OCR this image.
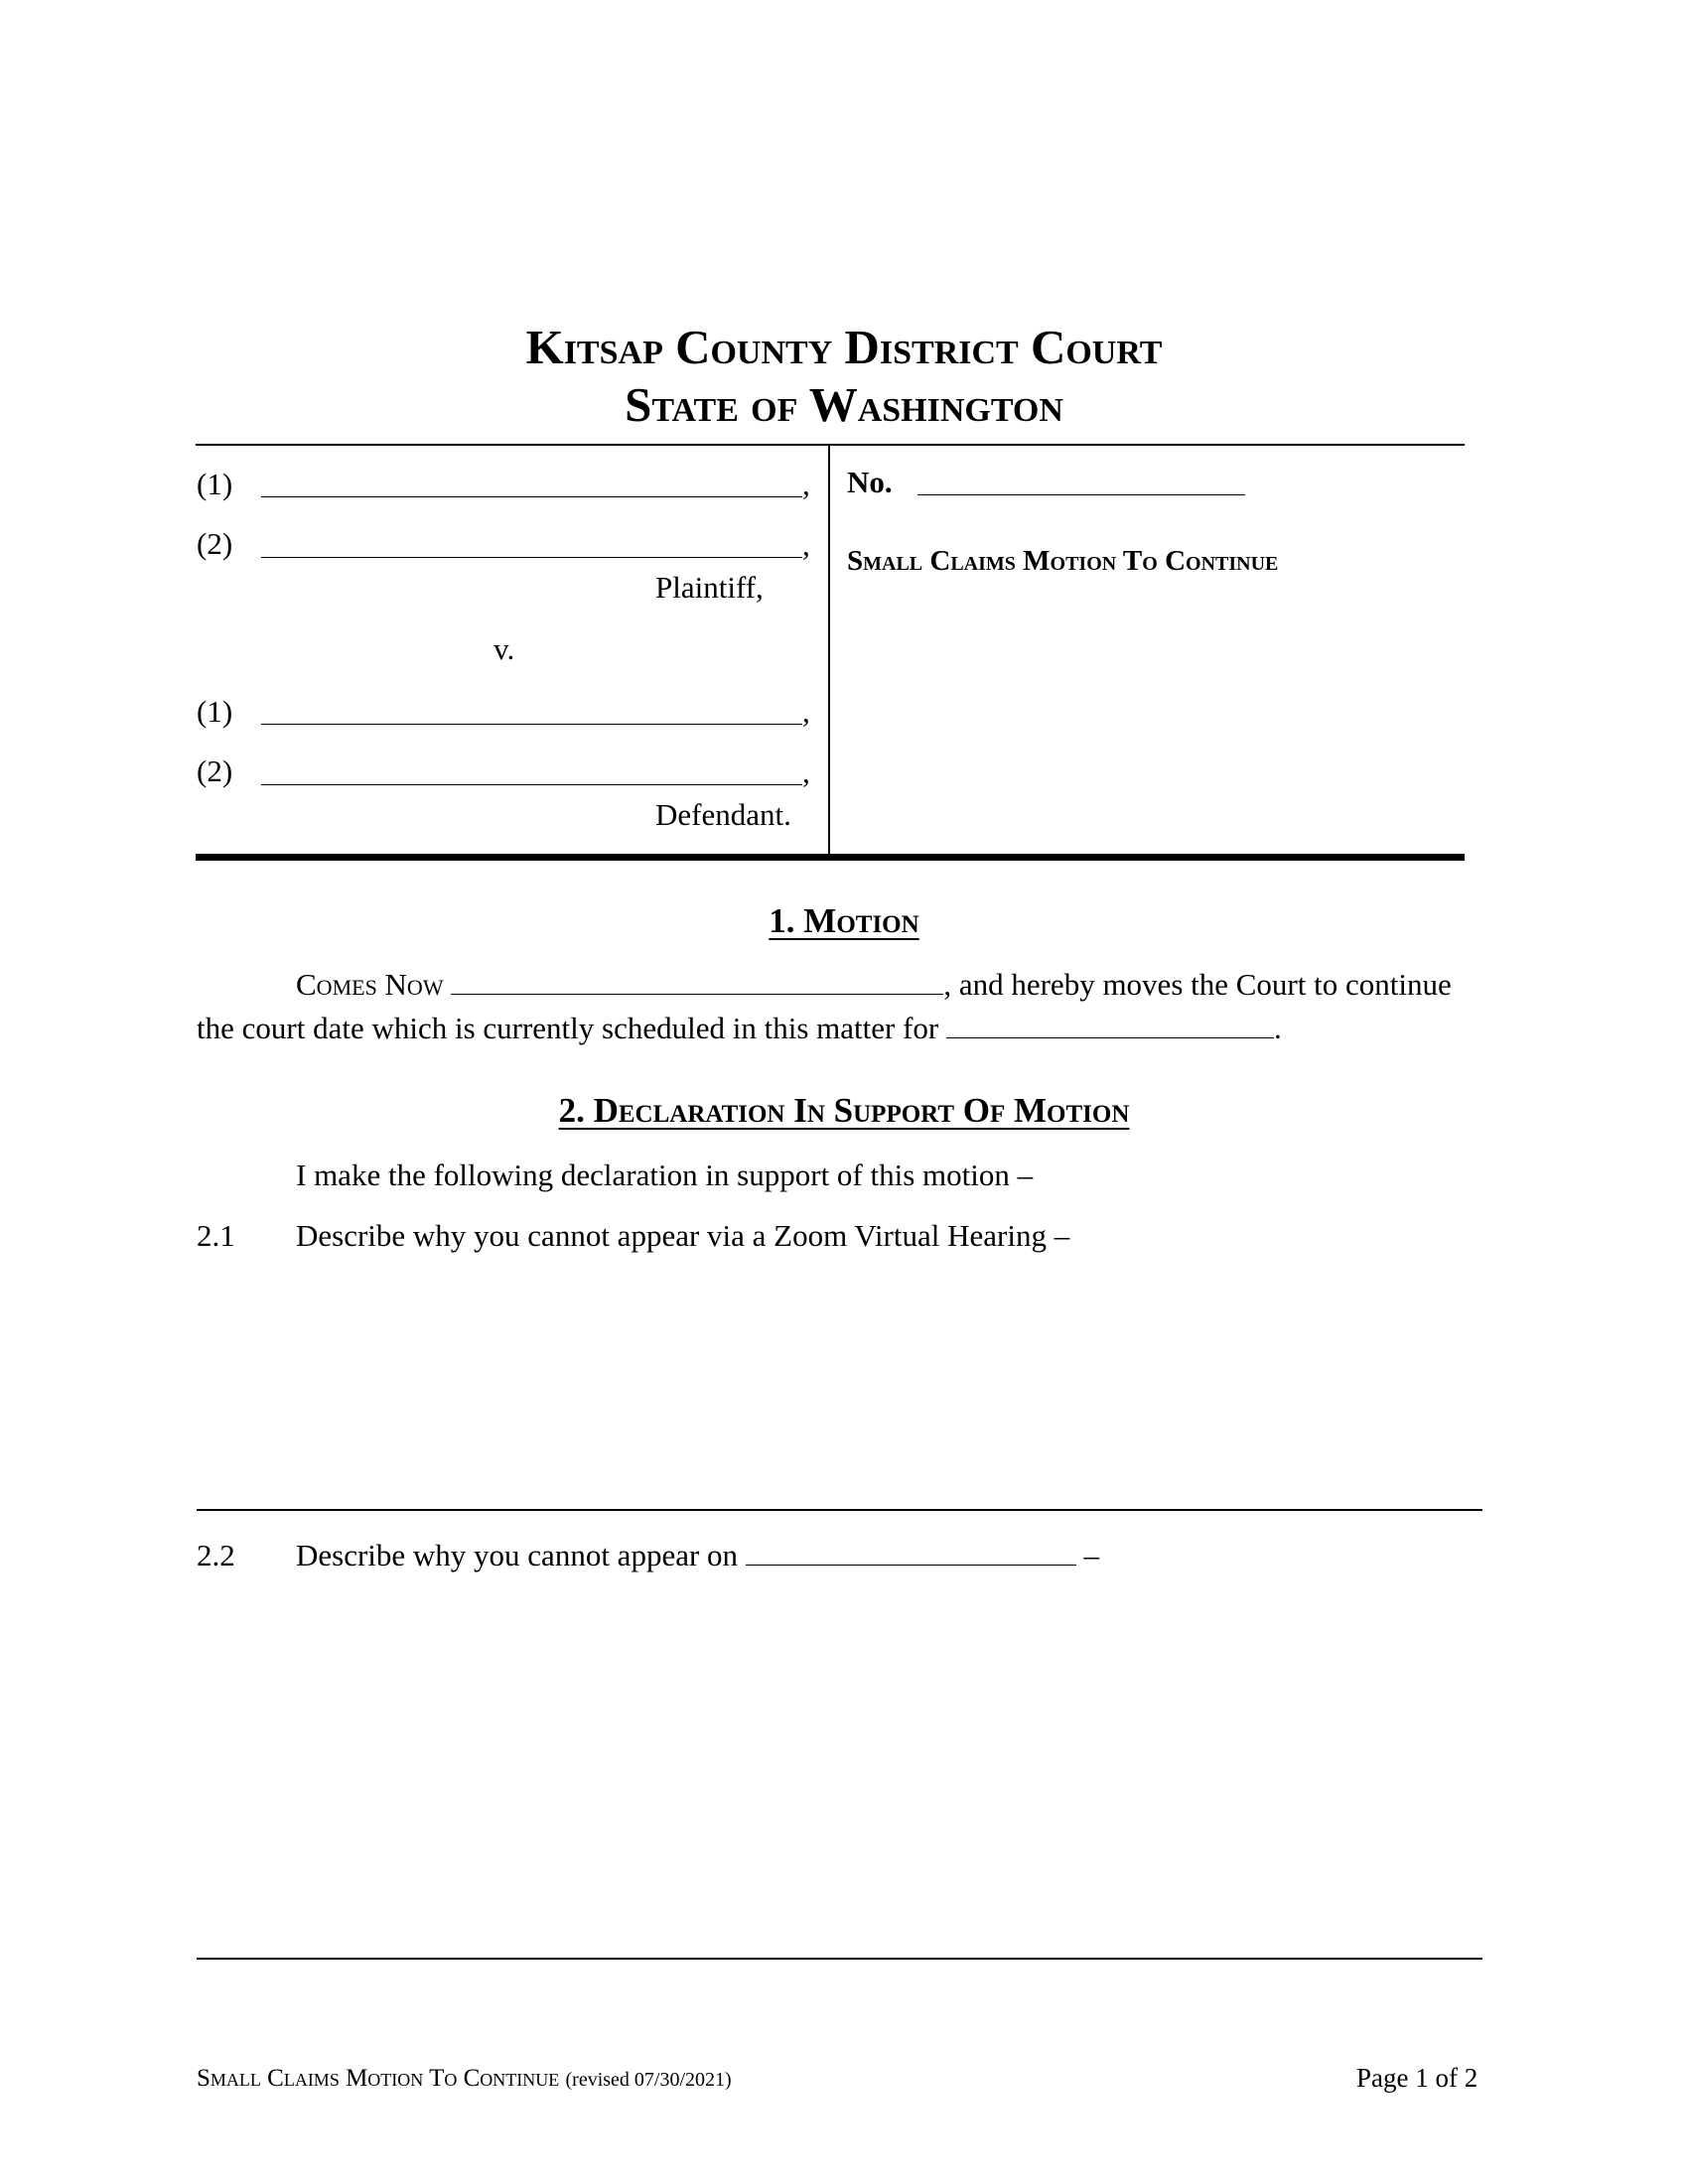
Kitsap County District Court
State of Washington
(1)	,
(2)	,
Plaintiff,
v.
(1)	,
(2)	,
Defendant.
No.
Small Claims Motion To Continue
1. Motion
Comes Now	, and hereby moves the Court to continue
the court date which is currently scheduled in this matter for	.
2. Declaration In Support Of Motion
I make the following declaration in support of this motion –
2.1 Describe why you cannot appear via a Zoom Virtual Hearing –
2.2 Describe why you cannot appear on	–
Small Claims Motion To Continue (revised 07/30/2021)	Page 1 of 2
